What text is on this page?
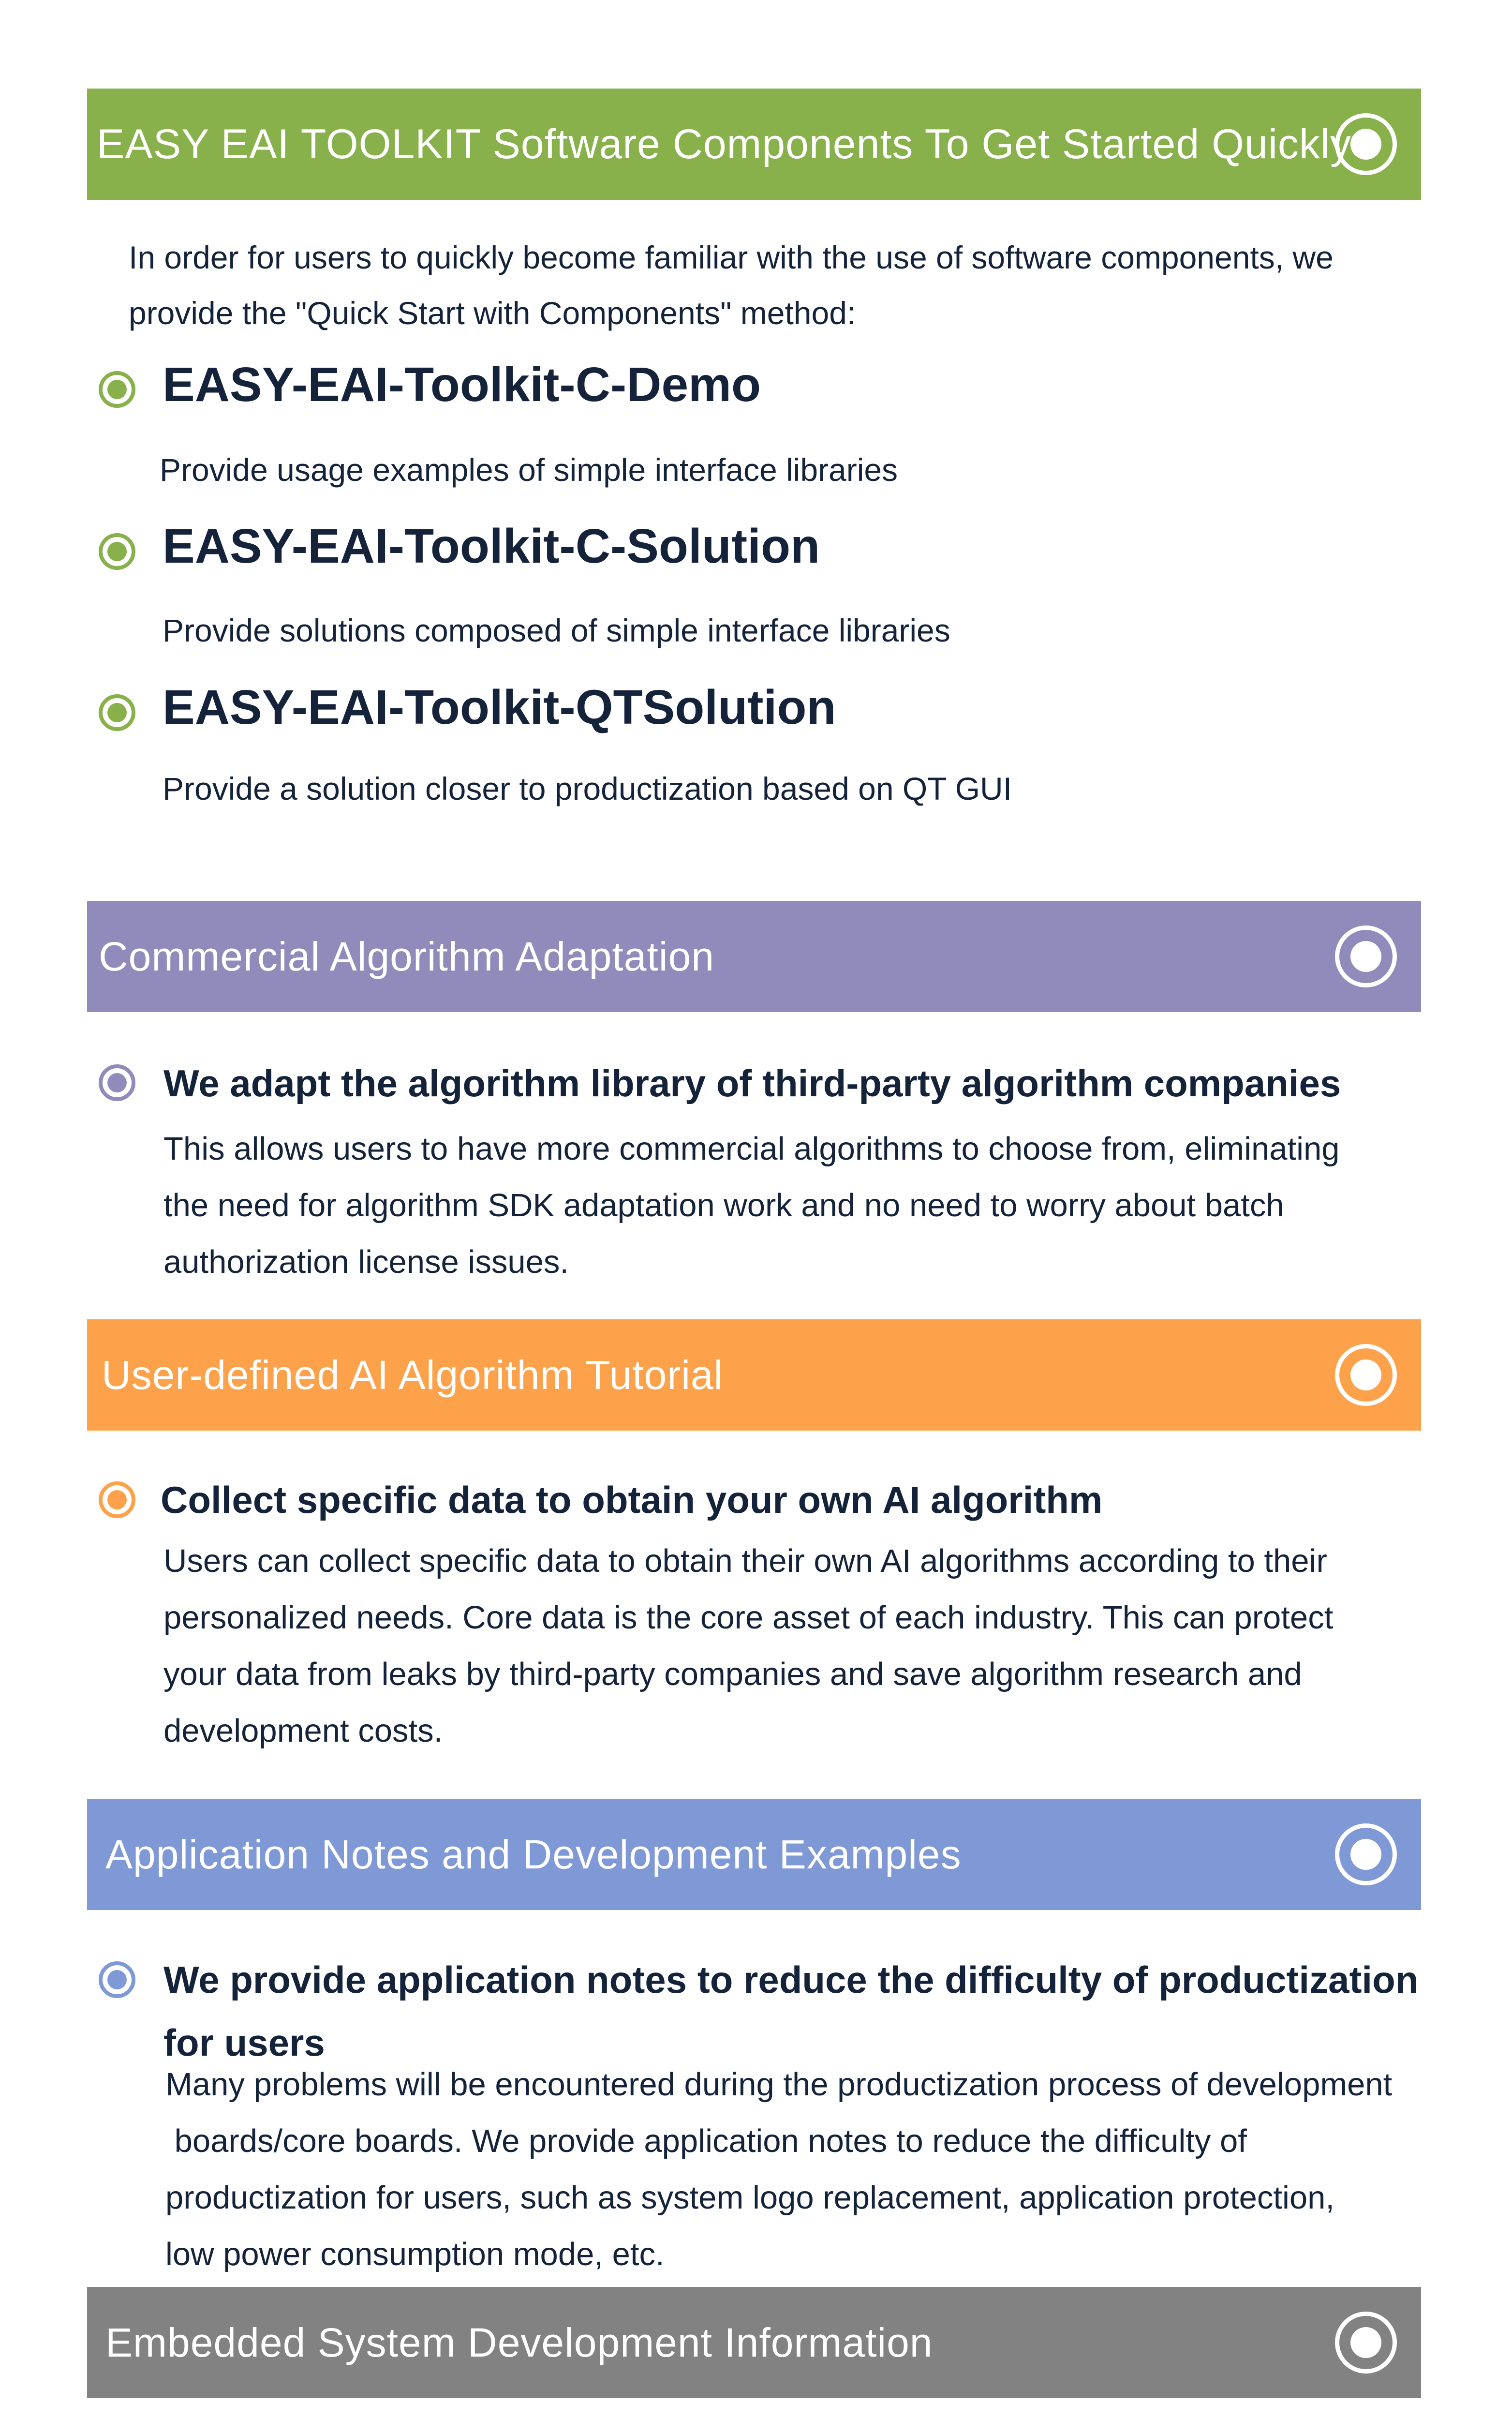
EASY EAI TOOLKIT Software Components To Get Started Quickly
In order for users to quickly become familiar with the use of software components, we
provide the "Quick Start with Components" method:
EASY-EAI-Toolkit-C-Demo
Provide usage examples of simple interface libraries
EASY-EAI-Toolkit-C-Solution
Provide solutions composed of simple interface libraries
EASY-EAI-Toolkit-QTSolution
Provide a solution closer to productization based on QT GUI
Commercial Algorithm Adaptation
We adapt the algorithm library of third-party algorithm companies
This allows users to have more commercial algorithms to choose from, eliminating
the need for algorithm SDK adaptation work and no need to worry about batch
authorization license issues.
User-defined AI Algorithm Tutorial
Collect specific data to obtain your own AI algorithm
Users can collect specific data to obtain their own AI algorithms according to their
personalized needs. Core data is the core asset of each industry. This can protect
your data from leaks by third-party companies and save algorithm research and
development costs.
Application Notes and Development Examples
We provide application notes to reduce the difficulty of productization
for users
Many problems will be encountered during the productization process of development
boards/core boards. We provide application notes to reduce the difficulty of
productization for users, such as system logo replacement, application protection,
low power consumption mode, etc.
Embedded System Development Information
